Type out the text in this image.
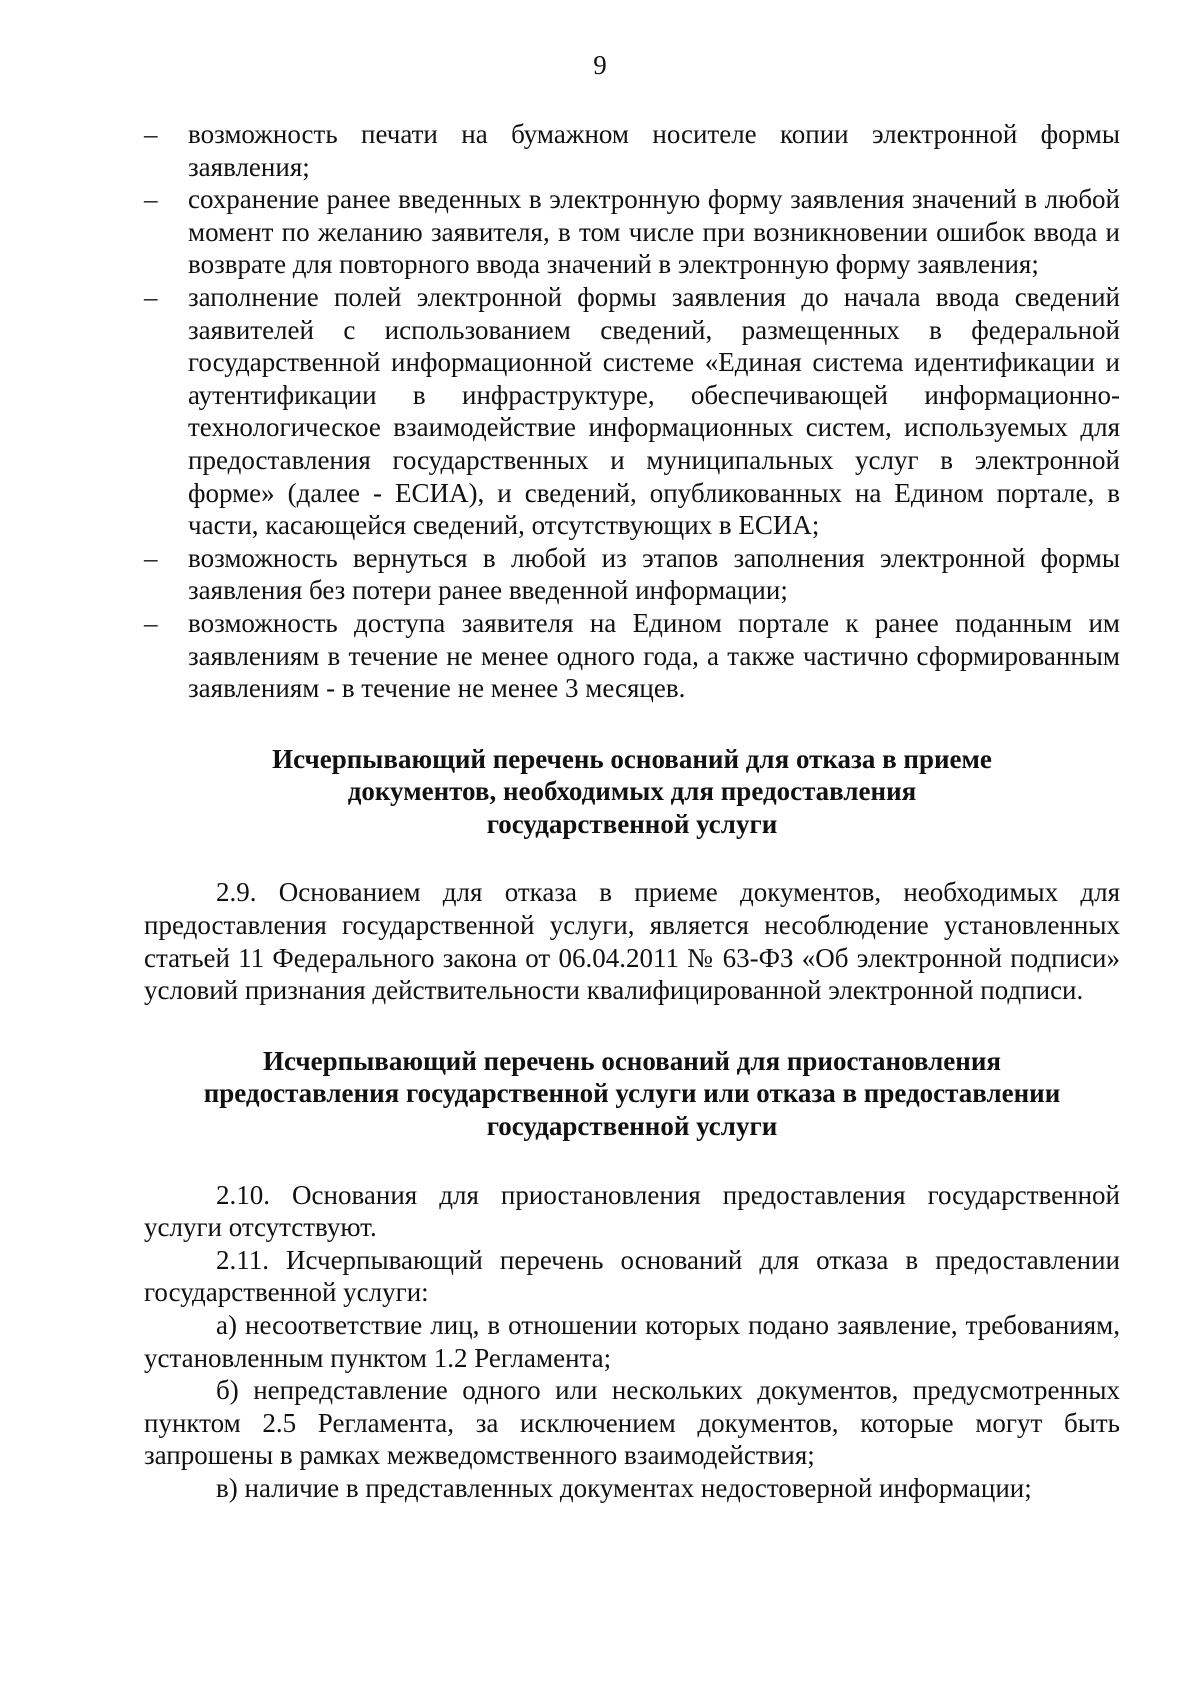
9
–	возможность печати на бумажном носителе копии электронной формы заявления;
–	сохранение ранее введенных в электронную форму заявления значений в любой момент по желанию заявителя, в том числе при возникновении ошибок ввода и возврате для повторного ввода значений в электронную форму заявления;
–	заполнение полей электронной формы заявления до начала ввода сведений заявителей с использованием сведений, размещенных в федеральной государственной информационной системе «Единая система идентификации и аутентификации в инфраструктуре, обеспечивающей информационно-технологическое взаимодействие информационных систем, используемых для предоставления государственных и муниципальных услуг в электронной форме» (далее - ЕСИА), и сведений, опубликованных на Едином портале, в части, касающейся сведений, отсутствующих в ЕСИА;
–	возможность вернуться в любой из этапов заполнения электронной формы заявления без потери ранее введенной информации;
–	возможность доступа заявителя на Едином портале к ранее поданным им заявлениям в течение не менее одного года, а также частично сформированным заявлениям - в течение не менее 3 месяцев.
Исчерпывающий перечень оснований для отказа в приеме
документов, необходимых для предоставления
государственной услуги

2.9. Основанием для отказа в приеме документов, необходимых для предоставления государственной услуги, является несоблюдение установленных статьей 11 Федерального закона от 06.04.2011 № 63-ФЗ «Об электронной подписи» условий признания действительности квалифицированной электронной подписи.

Исчерпывающий перечень оснований для приостановления
предоставления государственной услуги или отказа в предоставлении
государственной услуги

2.10. Основания для приостановления предоставления государственной услуги отсутствуют.

2.11. Исчерпывающий перечень оснований для отказа в предоставлении государственной услуги:

а) несоответствие лиц, в отношении которых подано заявление, требованиям, установленным пунктом 1.2 Регламента;

б) непредставление одного или нескольких документов, предусмотренных пунктом 2.5 Регламента, за исключением документов, которые могут быть запрошены в рамках межведомственного взаимодействия;

в) наличие в представленных документах недостоверной информации;
